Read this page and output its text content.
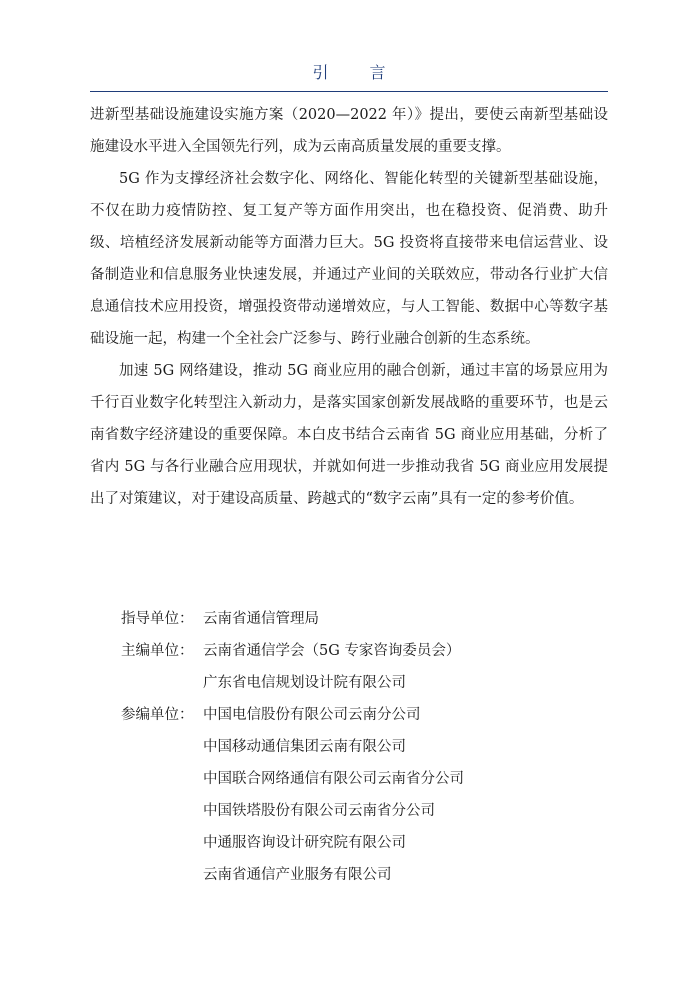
引 言

进新型基础设施建设实施方案（2020—2022 年）》提出，要使云南新型基础设施建设水平进入全国领先行列，成为云南高质量发展的重要支撑。

5G 作为支撑经济社会数字化、网络化、智能化转型的关键新型基础设施，不仅在助力疫情防控、复工复产等方面作用突出，也在稳投资、促消费、助升级、培植经济发展新动能等方面潜力巨大。5G 投资将直接带来电信运营业、设备制造业和信息服务业快速发展，并通过产业间的关联效应，带动各行业扩大信息通信技术应用投资，增强投资带动递增效应，与人工智能、数据中心等数字基础设施一起，构建一个全社会广泛参与、跨行业融合创新的生态系统。

加速 5G 网络建设，推动 5G 商业应用的融合创新，通过丰富的场景应用为千行百业数字化转型注入新动力，是落实国家创新发展战略的重要环节，也是云南省数字经济建设的重要保障。本白皮书结合云南省 5G 商业应用基础，分析了省内 5G 与各行业融合应用现状，并就如何进一步推动我省 5G 商业应用发展提出了对策建议，对于建设高质量、跨越式的“数字云南”具有一定的参考价值。

指导单位： 云南省通信管理局
主编单位： 云南省通信学会（5G 专家咨询委员会）
广东省电信规划设计院有限公司
参编单位： 中国电信股份有限公司云南分公司
中国移动通信集团云南有限公司
中国联合网络通信有限公司云南省分公司
中国铁塔股份有限公司云南省分公司
中通服咨询设计研究院有限公司
云南省通信产业服务有限公司
